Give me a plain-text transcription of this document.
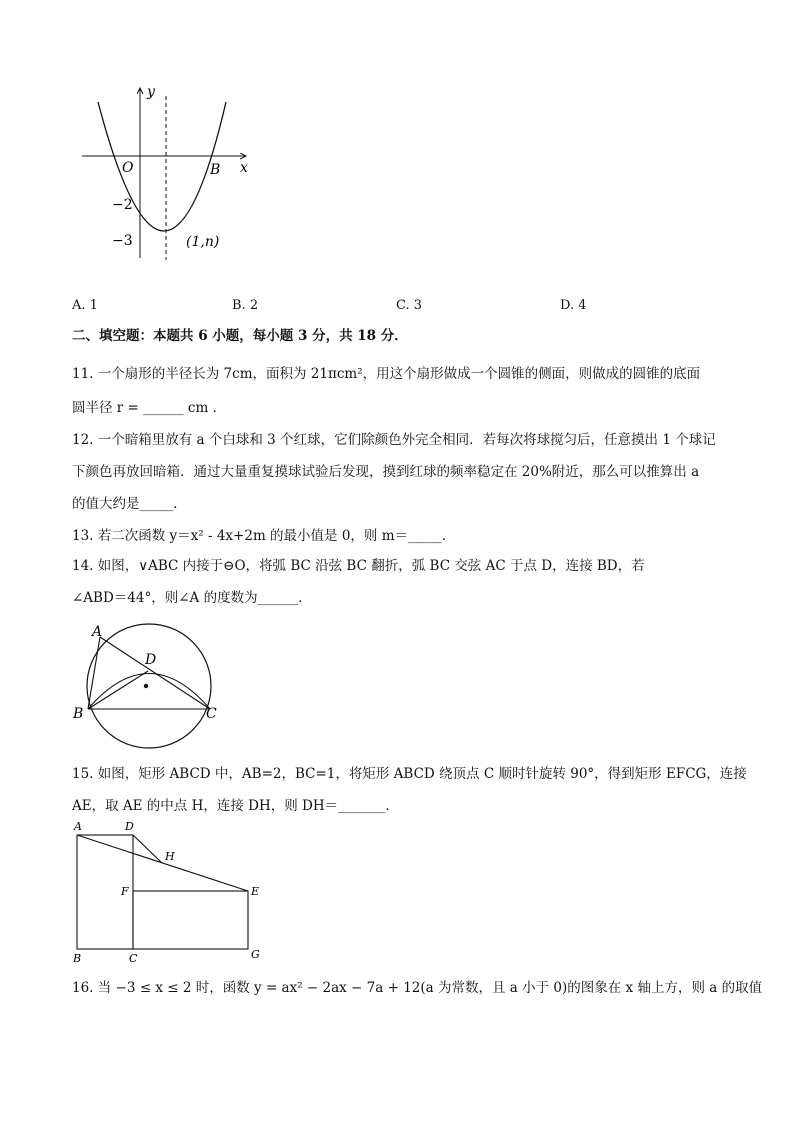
y
x
O	B
−2
−3	(1,n)
A. 1	B. 2	C. 3	D. 4
二、填空题：本题共 6 小题，每小题 3 分，共 18 分．
11. 一个扇形的半径长为 7cm，面积为 21πcm²，用这个扇形做成一个圆锥的侧面，则做成的圆锥的底面
圆半径 r = ______ cm ．
12. 一个暗箱里放有 a 个白球和 3 个红球，它们除颜色外完全相同．若每次将球搅匀后，任意摸出 1 个球记
下颜色再放回暗箱．通过大量重复摸球试验后发现，摸到红球的频率稳定在 20%附近，那么可以推算出 a
的值大约是_____．
13. 若二次函数 y＝x² - 4x+2m 的最小值是 0，则 m＝_____．
14. 如图，∨ABC 内接于⊖O，将弧 BC 沿弦 BC 翻折，弧 BC 交弦 AC 于点 D，连接 BD，若
∠ABD＝44°，则∠A 的度数为______．
A
D
B	C
15. 如图，矩形 ABCD 中，AB=2，BC=1，将矩形 ABCD 绕顶点 C 顺时针旋转 90°，得到矩形 EFCG，连接
AE，取 AE 的中点 H，连接 DH，则 DH＝_______．
A	D
H
F	E
B	C	G
16. 当 −3 ≤ x ≤ 2 时，函数 y = ax² − 2ax − 7a + 12(a 为常数，且 a 小于 0)的图象在 x 轴上方，则 a 的取值
